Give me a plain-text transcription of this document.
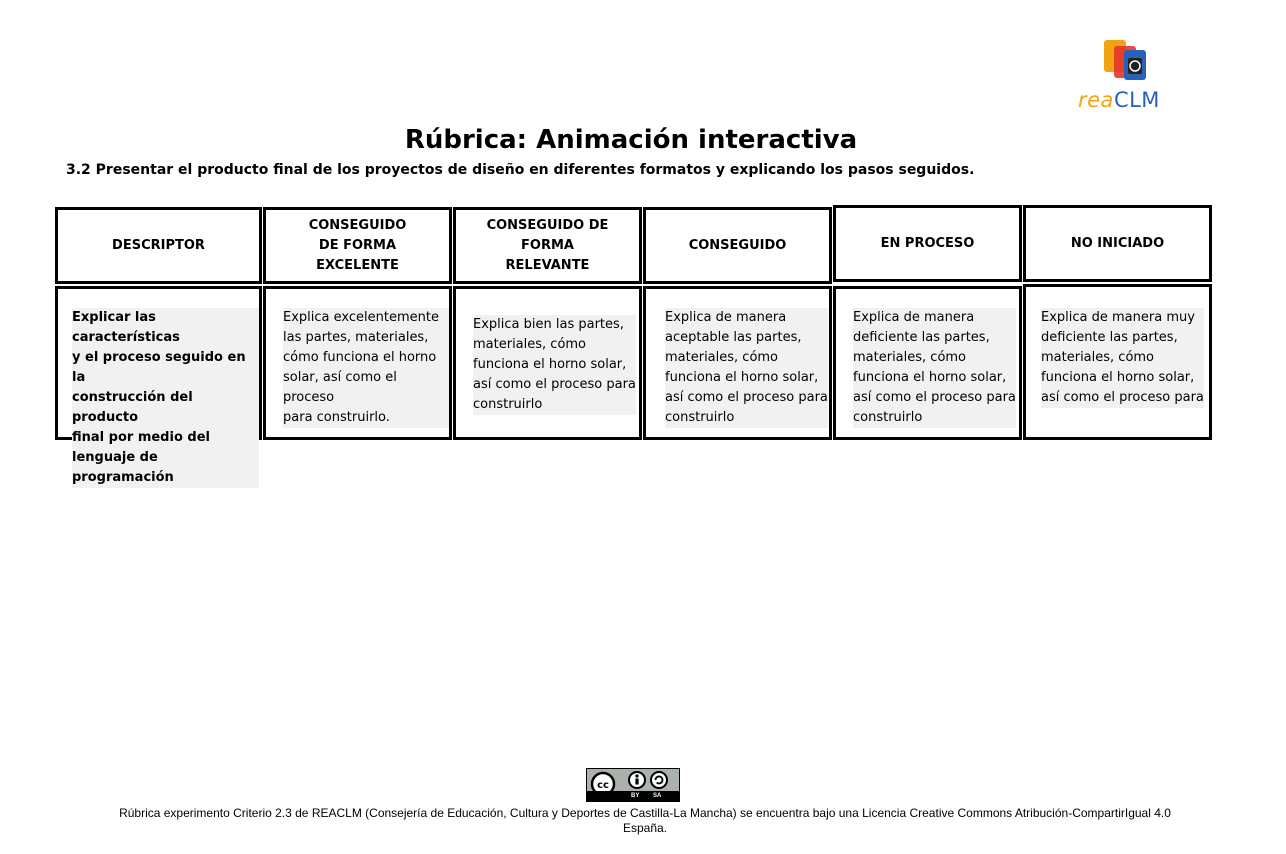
reaCLM
Rúbrica: Animación interactiva
3.2 Presentar el producto final de los proyectos de diseño en diferentes formatos y explicando los pasos seguidos.
DESCRIPTOR
CONSEGUIDO
DE FORMA
EXCELENTE
CONSEGUIDO DE
FORMA
RELEVANTE
CONSEGUIDO	EN PROCESO	NO INICIADO
Explicar las características
y el proceso seguido en la
construcción del producto
final por medio del
lenguaje de programación
Explica excelentemente
las partes, materiales,
cómo funciona el horno
solar, así como el proceso
para construirlo.
Explica bien las partes,
materiales, cómo
funciona el horno solar,
así como el proceso para
construirlo
Explica de manera
aceptable las partes,
materiales, cómo
funciona el horno solar,
así como el proceso para
construirlo
Explica de manera
deficiente las partes,
materiales, cómo
funciona el horno solar,
así como el proceso para
construirlo
Explica de manera muy
deficiente las partes,
materiales, cómo
funciona el horno solar,
así como el proceso para
cc
BY SA
Rúbrica experimento Criterio 2.3 de REACLM (Consejería de Educación, Cultura y Deportes de Castilla-La Mancha) se encuentra bajo una Licencia Creative Commons Atribución-CompartirIgual 4.0 España.
